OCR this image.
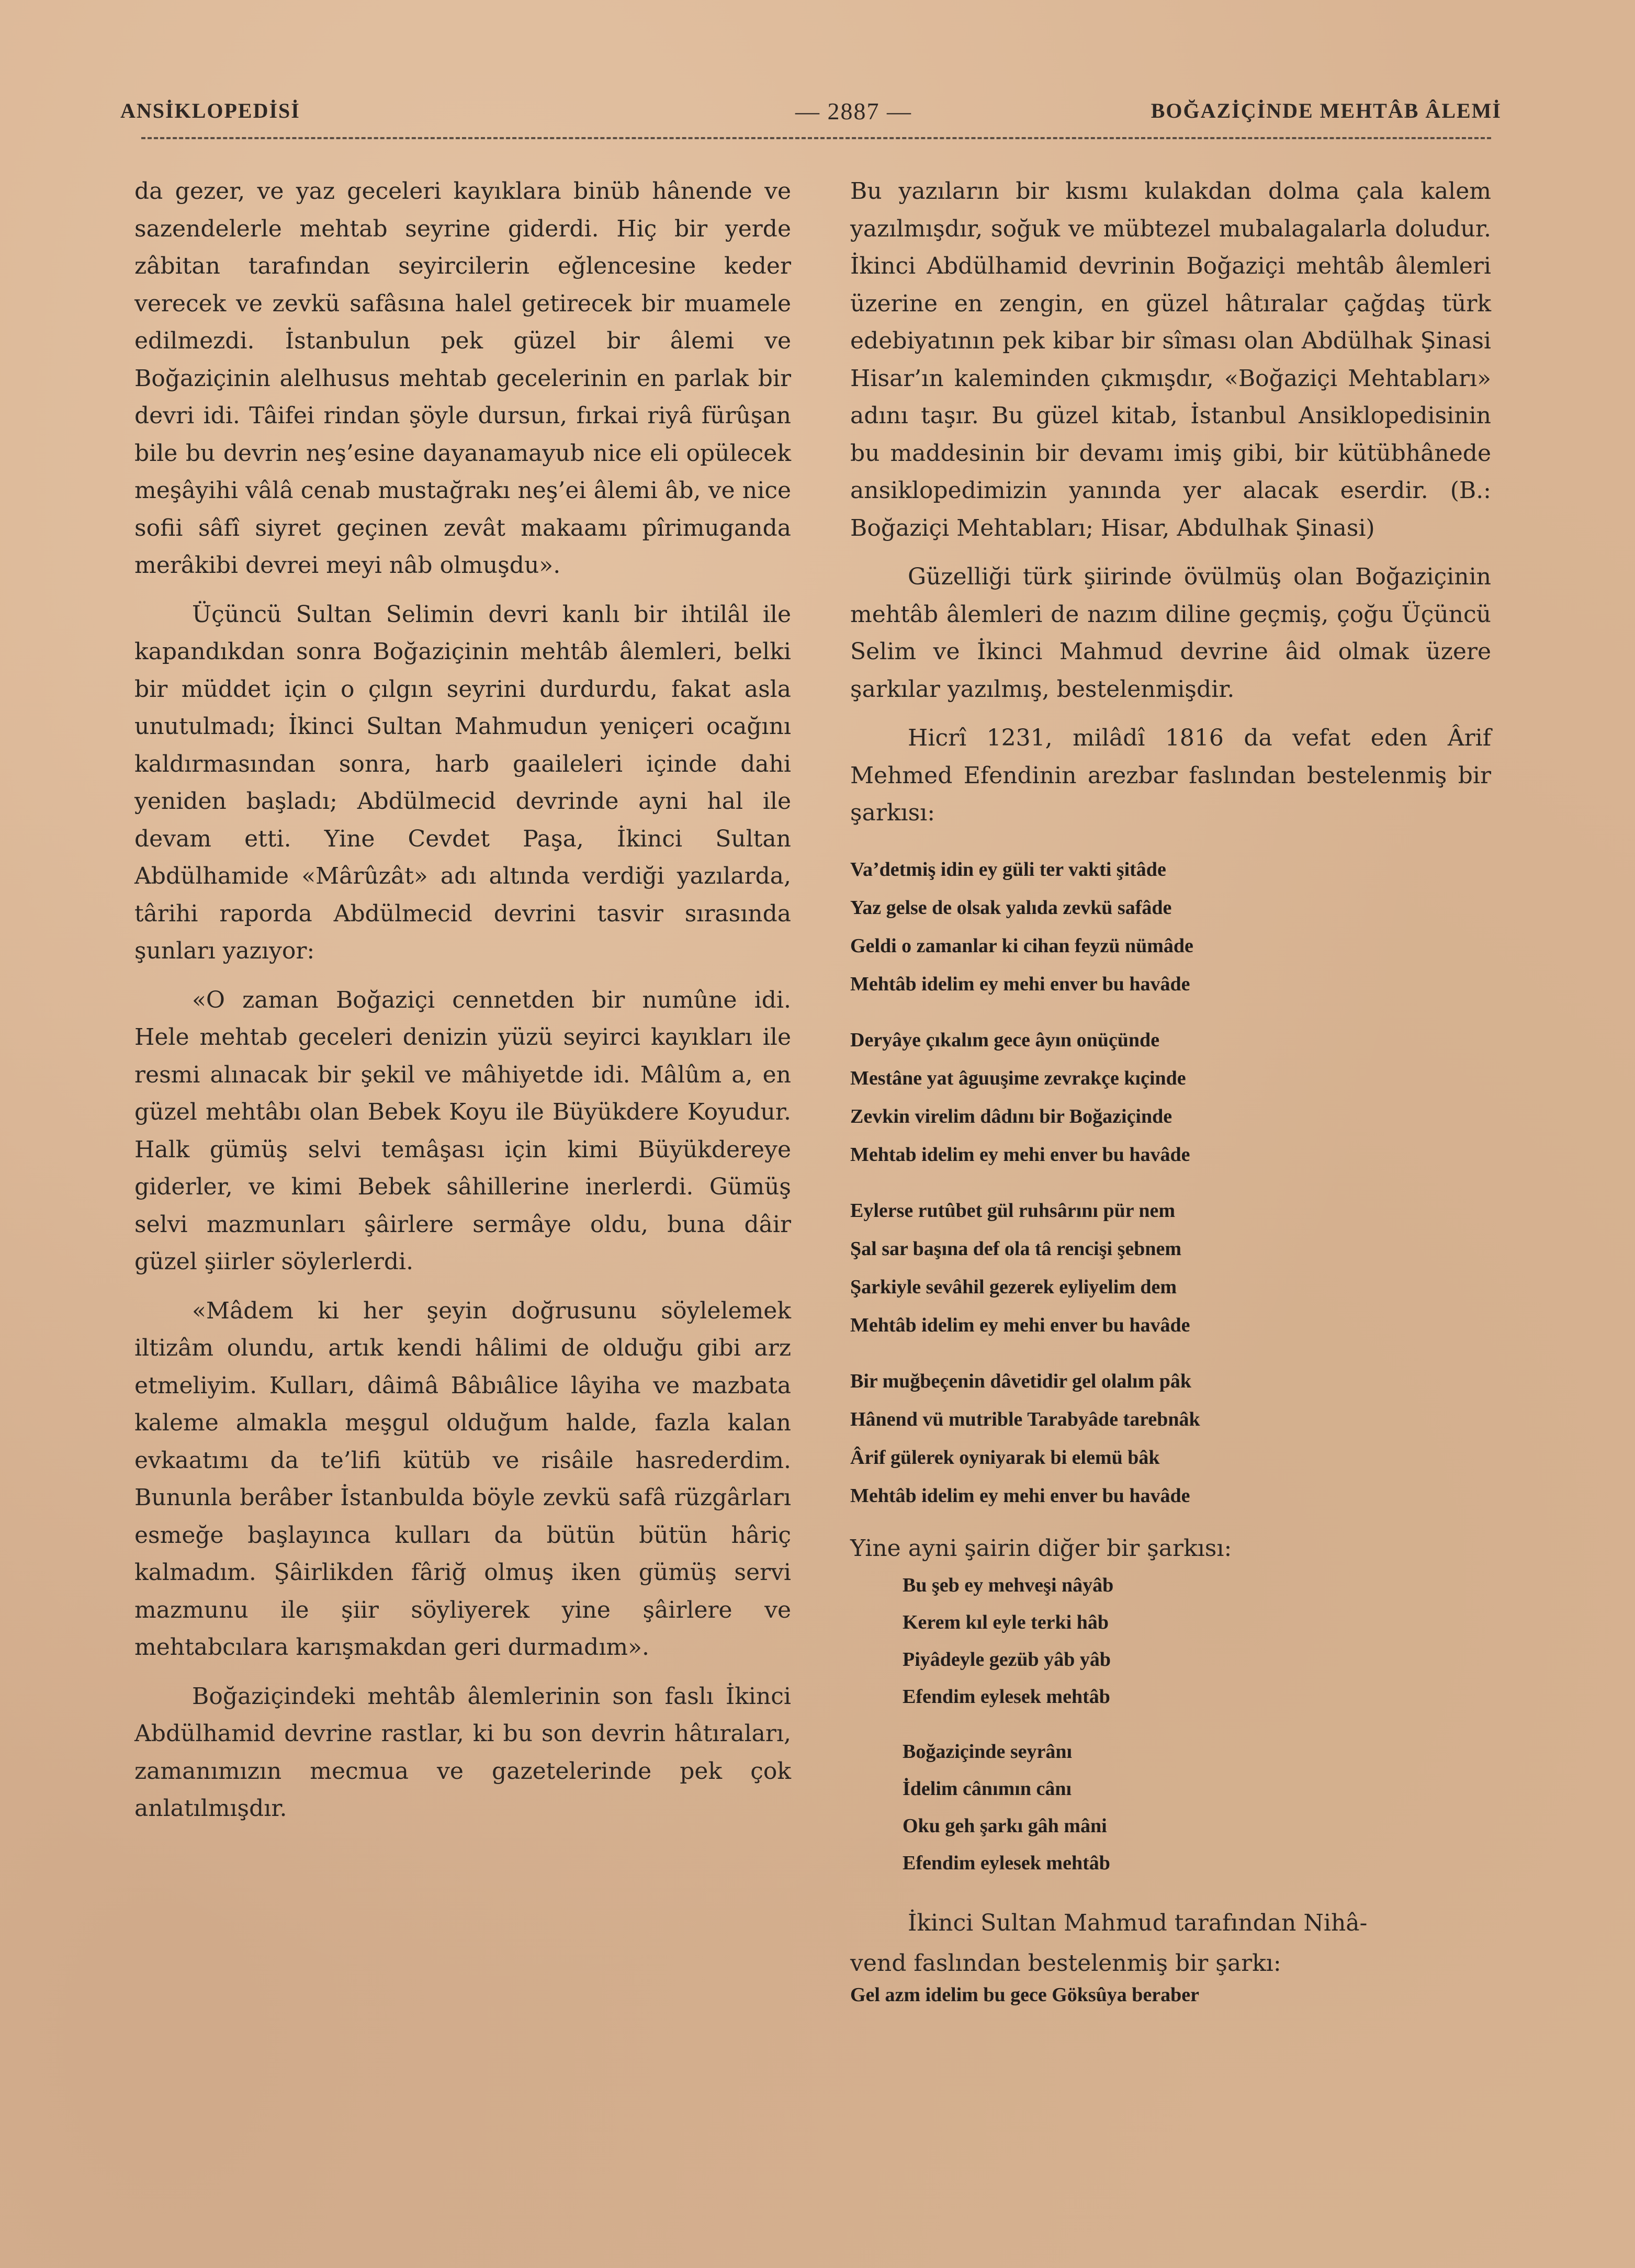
ANSİKLOPEDİSİ	— 2887 —	BOĞAZİÇİNDE MEHTÂB ÂLEMİ

da gezer, ve yaz geceleri kayıklara binüb hânende ve sazendelerle mehtab seyrine giderdi. Hiç bir yerde zâbitan tarafından seyircilerin eğlencesine keder verecek ve zevkü safâsına halel getirecek bir muamele edilmezdi. İstanbulun pek güzel bir âlemi ve Boğaziçinin alelhusus mehtab gecelerinin en parlak bir devri idi. Tâifei rindan şöyle dursun, fırkai riyâ fürûşan bile bu devrin neş’esine dayanamayub nice eli opülecek meşâyihi vâlâ cenab mustağrakı neş’ei âlemi âb, ve nice sofii sâfî siyret geçinen zevât makaamı pîrimuganda merâkibi devrei meyi nâb olmuşdu».

Üçüncü Sultan Selimin devri kanlı bir ihtilâl ile kapandıkdan sonra Boğaziçinin mehtâb âlemleri, belki bir müddet için o çılgın seyrini durdurdu, fakat asla unutulmadı; İkinci Sultan Mahmudun yeniçeri ocağını kaldırmasından sonra, harb gaaileleri içinde dahi yeniden başladı; Abdülmecid devrinde ayni hal ile devam etti. Yine Cevdet Paşa, İkinci Sultan Abdülhamide «Mârûzât» adı altında verdiği yazılarda, târihi raporda Abdülmecid devrini tasvir sırasında şunları yazıyor:

«O zaman Boğaziçi cennetden bir numûne idi. Hele mehtab geceleri denizin yüzü seyirci kayıkları ile resmi alınacak bir şekil ve mâhiyetde idi. Mâlûm a, en güzel mehtâbı olan Bebek Koyu ile Büyükdere Koyudur. Halk gümüş selvi temâşası için kimi Büyükdereye giderler, ve kimi Bebek sâhillerine inerlerdi. Gümüş selvi mazmunları şâirlere sermâye oldu, buna dâir güzel şiirler söylerlerdi.

«Mâdem ki her şeyin doğrusunu söylelemek iltizâm olundu, artık kendi hâlimi de olduğu gibi arz etmeliyim. Kulları, dâimâ Bâbıâlice lâyiha ve mazbata kaleme almakla meşgul olduğum halde, fazla kalan evkaatımı da te’lifi kütüb ve risâile hasrederdim. Bununla berâber İstanbulda böyle zevkü safâ rüzgârları esmeğe başlayınca kulları da bütün bütün hâriç kalmadım. Şâirlikden fâriğ olmuş iken gümüş servi mazmunu ile şiir söyliyerek yine şâirlere ve mehtabcılara karışmakdan geri durmadım».

Boğaziçindeki mehtâb âlemlerinin son faslı İkinci Abdülhamid devrine rastlar, ki bu son devrin hâtıraları, zamanımızın mecmua ve gazetelerinde pek çok anlatılmışdır.

Bu yazıların bir kısmı kulakdan dolma çala kalem yazılmışdır, soğuk ve mübtezel mubalagalarla doludur. İkinci Abdülhamid devrinin Boğaziçi mehtâb âlemleri üzerine en zengin, en güzel hâtıralar çağdaş türk edebiyatının pek kibar bir sîması olan Abdülhak Şinasi Hisar’ın kaleminden çıkmışdır, «Boğaziçi Mehtabları» adını taşır. Bu güzel kitab, İstanbul Ansiklopedisinin bu maddesinin bir devamı imiş gibi, bir kütübhânede ansiklopedimizin yanında yer alacak eserdir. (B.: Boğaziçi Mehtabları; Hisar, Abdulhak Şinasi)

Güzelliği türk şiirinde övülmüş olan Boğaziçinin mehtâb âlemleri de nazım diline geçmiş, çoğu Üçüncü Selim ve İkinci Mahmud devrine âid olmak üzere şarkılar yazılmış, bestelenmişdir.

Hicrî 1231, milâdî 1816 da vefat eden Ârif Mehmed Efendinin arezbar faslından bestelenmiş bir şarkısı:

Va’detmiş idin ey güli ter vakti şitâde

Yaz gelse de olsak yalıda zevkü safâde

Geldi o zamanlar ki cihan feyzü nümâde

Mehtâb idelim ey mehi enver bu havâde

Deryâye çıkalım gece âyın onüçünde

Mestâne yat âguuşime zevrakçe kıçinde

Zevkin virelim dâdını bir Boğaziçinde

Mehtab idelim ey mehi enver bu havâde

Eylerse rutûbet gül ruhsârını pür nem

Şal sar başına def ola tâ rencişi şebnem

Şarkiyle sevâhil gezerek eyliyelim dem

Mehtâb idelim ey mehi enver bu havâde

Bir muğbeçenin dâvetidir gel olalım pâk

Hânend vü mutrible Tarabyâde tarebnâk

Ârif gülerek oyniyarak bi elemü bâk

Mehtâb idelim ey mehi enver bu havâde

Yine ayni şairin diğer bir şarkısı:

Bu şeb ey mehveşi nâyâb

Kerem kıl eyle terki hâb

Piyâdeyle gezüb yâb yâb

Efendim eylesek mehtâb

Boğaziçinde seyrânı

İdelim cânımın cânı

Oku geh şarkı gâh mâni

Efendim eylesek mehtâb

İkinci Sultan Mahmud tarafından Nihâ-

vend faslından bestelenmiş bir şarkı:

Gel azm idelim bu gece Göksûya beraber
